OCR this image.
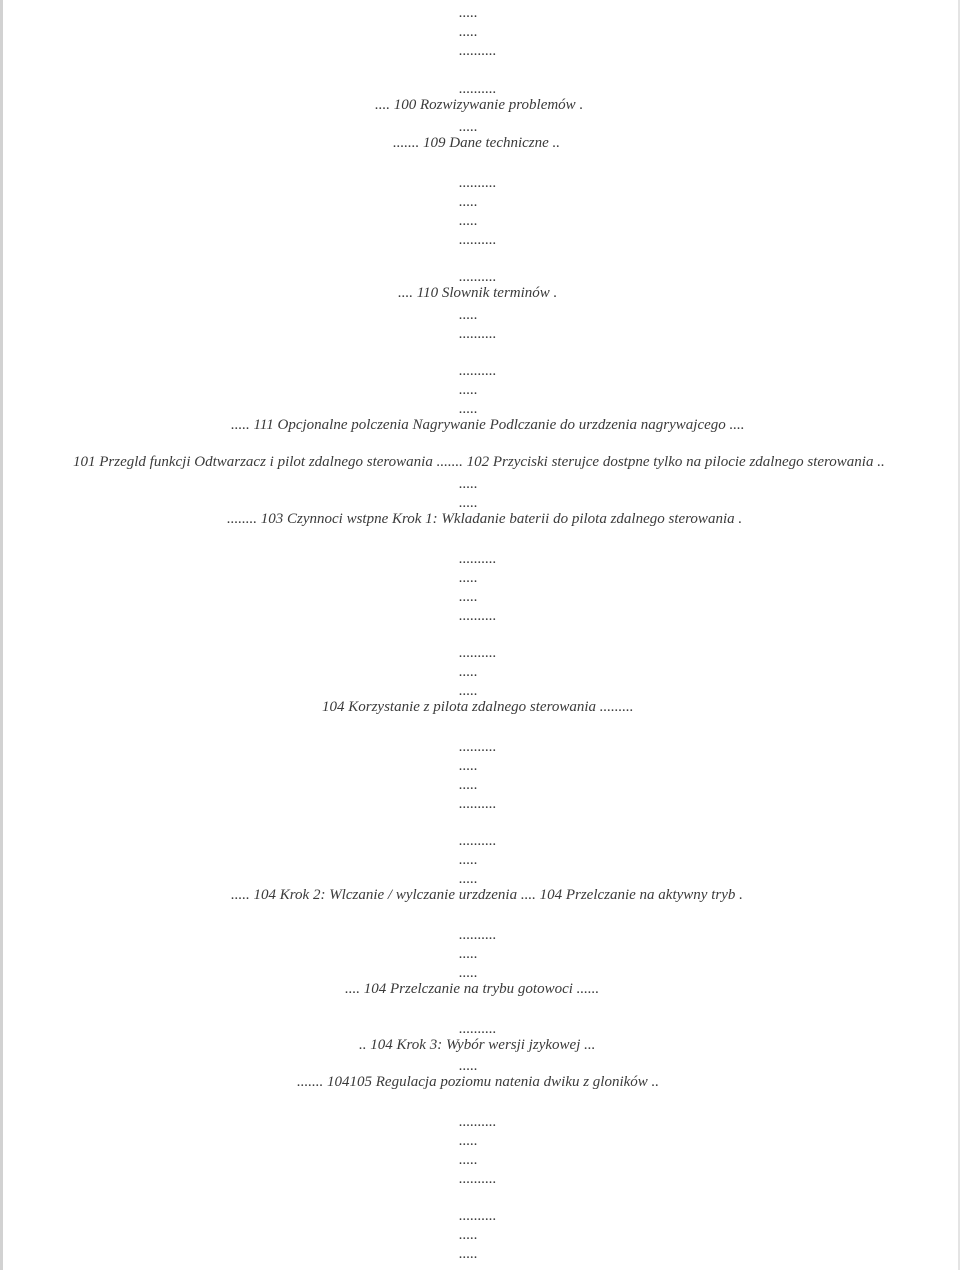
.....

.....

..........

..........

.... 100 Rozwizywanie problemów .

.....

....... 109 Dane techniczne ..

..........

.....

.....

..........

..........

.... 110 Slownik terminów .

.....

..........

..........

.....

.....

..... 111 Opcjonalne polczenia Nagrywanie Podlczanie do urzdzenia nagrywajcego ....

101 Przegld funkcji Odtwarzacz i pilot zdalnego sterowania ....... 102 Przyciski sterujce dostpne tylko na pilocie zdalnego sterowania ..

.....

.....

........ 103 Czynnoci wstpne Krok 1: Wkladanie baterii do pilota zdalnego sterowania .

..........

.....

.....

..........

..........

.....

.....

104 Korzystanie z pilota zdalnego sterowania .........

..........

.....

.....

..........

..........

.....

.....

..... 104 Krok 2: Wlczanie / wylczanie urzdzenia .... 104 Przelczanie na aktywny tryb .

..........

.....

.....

.... 104 Przelczanie na trybu gotowoci ......

..........

.. 104 Krok 3: Wybór wersji jzykowej ...

.....

....... 104105 Regulacja poziomu natenia dwiku z gloników ..

..........

.....

.....

..........

..........

.....

.....
